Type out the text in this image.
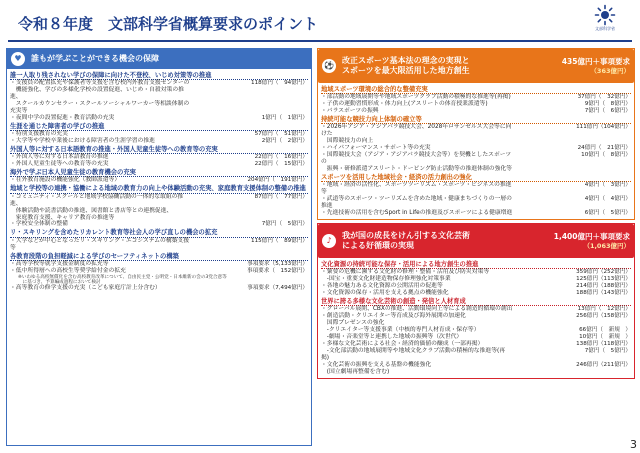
令和８年度　文部科学省概算要求のポイント	文部科学省
♥ 誰もが学ぶことができる機会の保障
誰一人取り残されない学びの保障に向けた不登校、いじめ対策等の推進
・支援員の配置拡充や保護者等支援を含む校内外教育支援センターの	118億円（　94億円）
　機能強化、学びの多様化学校の設置促進、いじめ・自殺対策の推進、
　スクールカウンセラー・スクールソーシャルワーカー等相談体制の充実等
・夜間中学の設置促進・教育活動の充実	1億円（　1億円）
生涯を通じた障害者の学びの推進
・特別支援教育の充実	57億円（　51億円）
・大学等や学校卒業後における障害者の生涯学習の推進	2億円（　2億円）
外国人等に対する日本語教育の推進・外国人児童生徒等への教育等の充実
・外国人等に対する日本語教育の推進	22億円（　16億円）
・外国人児童生徒等への教育等の充実	22億円（　15億円）
海外で学ぶ日本人児童生徒の教育機会の充実
・在外教育施設の機能強化（教師派遣等）	204億円（　191億円）
地域と学校等の連携・協働による地域の教育力の向上や体験活動の充実、家庭教育支援体制の整備の推進
・コミュニティ・スクールと地域学校協働活動の一体的な取組の推進、
87億円（　77億円）
　体験活動や読書活動の推進、図書館と書店等との連携促進、
　家庭教育支援、キャリア教育の推進等
・学校安全体制の整備	7億円（　5億円）
リ・スキリングを含めたリカレント教育等社会人の学び直しの機会の拡充
・大学などが中心となったリ・スキリング・エコシステムの構築支援等
115億円（　89億円）
各教育段階の負担軽減による学びのセーフティネットの構築
・高等学校等就学支援金制度の拡充等	事項要求（5,133億円）
・低中所得層への高校生等奨学給付金の拡充	事項要求（　152億円）
※いわゆる高校無償化を含む高校教育改革について、自由民主党・公明党・日本維新の会の3党合意等
　に基づき、予算編成過程において検討
・高等教育の修学支援の充実（こども家庭庁計上分含む）	事項要求（7,494億円）
⚽
改正スポーツ基本法の理念の実現と
スポーツを最大限活用した地方創生
435億円＋事項要求
（363億円）
地域スポーツ環境の総合的な整備充実
・部活動の地域展開等や地域スポーツクラブ活動の積極的な推進等(再掲)	37億円（　32億円）
・子供の運動習慣形成・体力向上(アスリートの体育授業派遣等)	9億円（　8億円）
・パラスポーツの振興	7億円（　6億円）
持続可能な競技力向上体制の確立等
・2026年アジア・アジアパラ競技大会、2028年ロサンゼルス大会等に向けた
111億円（104億円）
　国際競技力の向上
・ハイパフォーマンス・サポート等の充実	24億円（　21億円）
・国際競技大会（アジア・アジアパラ競技大会等）を契機としたスポーツの
10億円（　8億円）
　振興・研修派遣アスリート・ドーピング防止活動等の推進体制の強化等
スポーツを活用した地域社会・経済の活力創出の強化
・地域・経済の活性化、スポーツツーリズム・スポーツ・ビジネスの推進等
4億円（　3億円）
・武道等のスポーツ・ツーリズムを含めた地域・健康まちづくりの一層の推進
4億円（　4億円）
・先進技術の活用を含むSport in Lifeの推進及びスポーツによる健康増進	6億円（　5億円）
♪
我が国の成長をけん引する文化芸術
による好循環の実現
1,400億円＋事項要求
（1,063億円）
文化資源の持続可能な保存・活用による地方創生の推進
・緊要の危機に瀕する文化財の修理・整備・活用及び防災対策等	359億円（252億円）
　‐国宝・重要文化財建造物保存修理強化対策事業	125億円（113億円）
・各地の魅力ある文化資源の公開活用の促進等	214億円（188億円）
・文化資源の保存・活用を支える拠点の機能強化	188億円（143億円）
世界に誇る多様な文化芸術の創造・発信と人材育成
・グローバル展開、CBXの推進、活動環境向上等による創造的循環の創出	13億円（　12億円）
・創造活動・クリエイター等育成及び海外展開の加速化	256億円（158億円）
　国際プレゼンスの強化
　‐クリエイター等支援事業（中核的専門人材育成・保存等）	66億円（　新規　）
　‐劇場・音楽堂等と連携した地域の振興等（次世代）	10億円（　新規　）
・多様な文化芸術による社会・経済的価値の醸成（一部再掲）	138億円（118億円）
　‐文化部活動の地域展開等や地域文化クラブ活動の積極的な推進等(再掲)
7億円（　5億円）
・文化芸術の振興を支える基盤の機能強化	246億円（211億円）
　(国立劇場再整備を含む)
3
